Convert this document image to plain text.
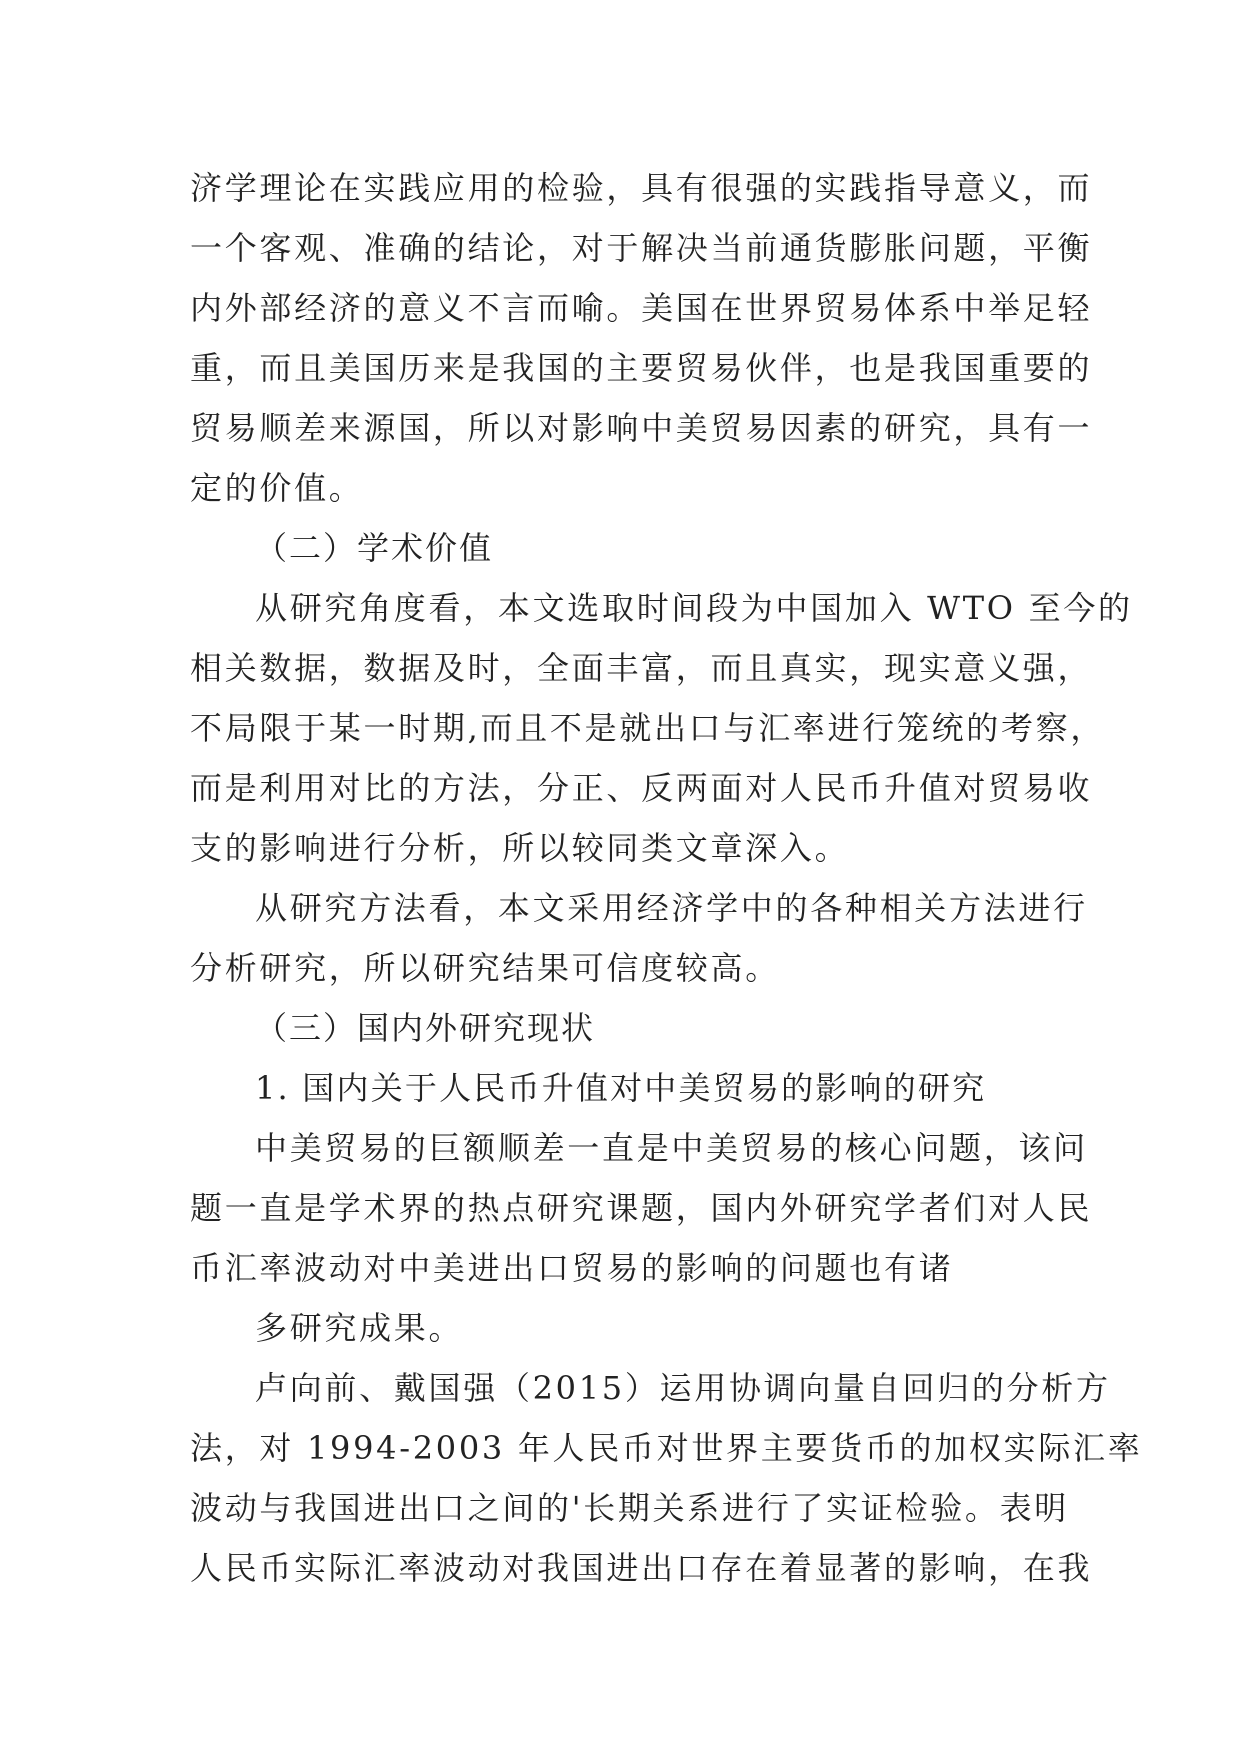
济学理论在实践应用的检验，具有很强的实践指导意义，而
一个客观、准确的结论，对于解决当前通货膨胀问题，平衡
内外部经济的意义不言而喻。美国在世界贸易体系中举足轻
重，而且美国历来是我国的主要贸易伙伴，也是我国重要的
贸易顺差来源国，所以对影响中美贸易因素的研究，具有一
定的价值。
（二）学术价值
从研究角度看，本文选取时间段为中国加入 WTO 至今的
相关数据，数据及时，全面丰富，而且真实，现实意义强，
不局限于某一时期,而且不是就出口与汇率进行笼统的考察，
而是利用对比的方法，分正、反两面对人民币升值对贸易收
支的影响进行分析，所以较同类文章深入。
从研究方法看，本文采用经济学中的各种相关方法进行
分析研究，所以研究结果可信度较高。
（三）国内外研究现状
1. 国内关于人民币升值对中美贸易的影响的研究
中美贸易的巨额顺差一直是中美贸易的核心问题，该问
题一直是学术界的热点研究课题，国内外研究学者们对人民
币汇率波动对中美进出口贸易的影响的问题也有诸
多研究成果。
卢向前、戴国强（2015）运用协调向量自回归的分析方
法，对 1994-2003 年人民币对世界主要货币的加权实际汇率
波动与我国进出口之间的'长期关系进行了实证检验。表明
人民币实际汇率波动对我国进出口存在着显著的影响，在我
